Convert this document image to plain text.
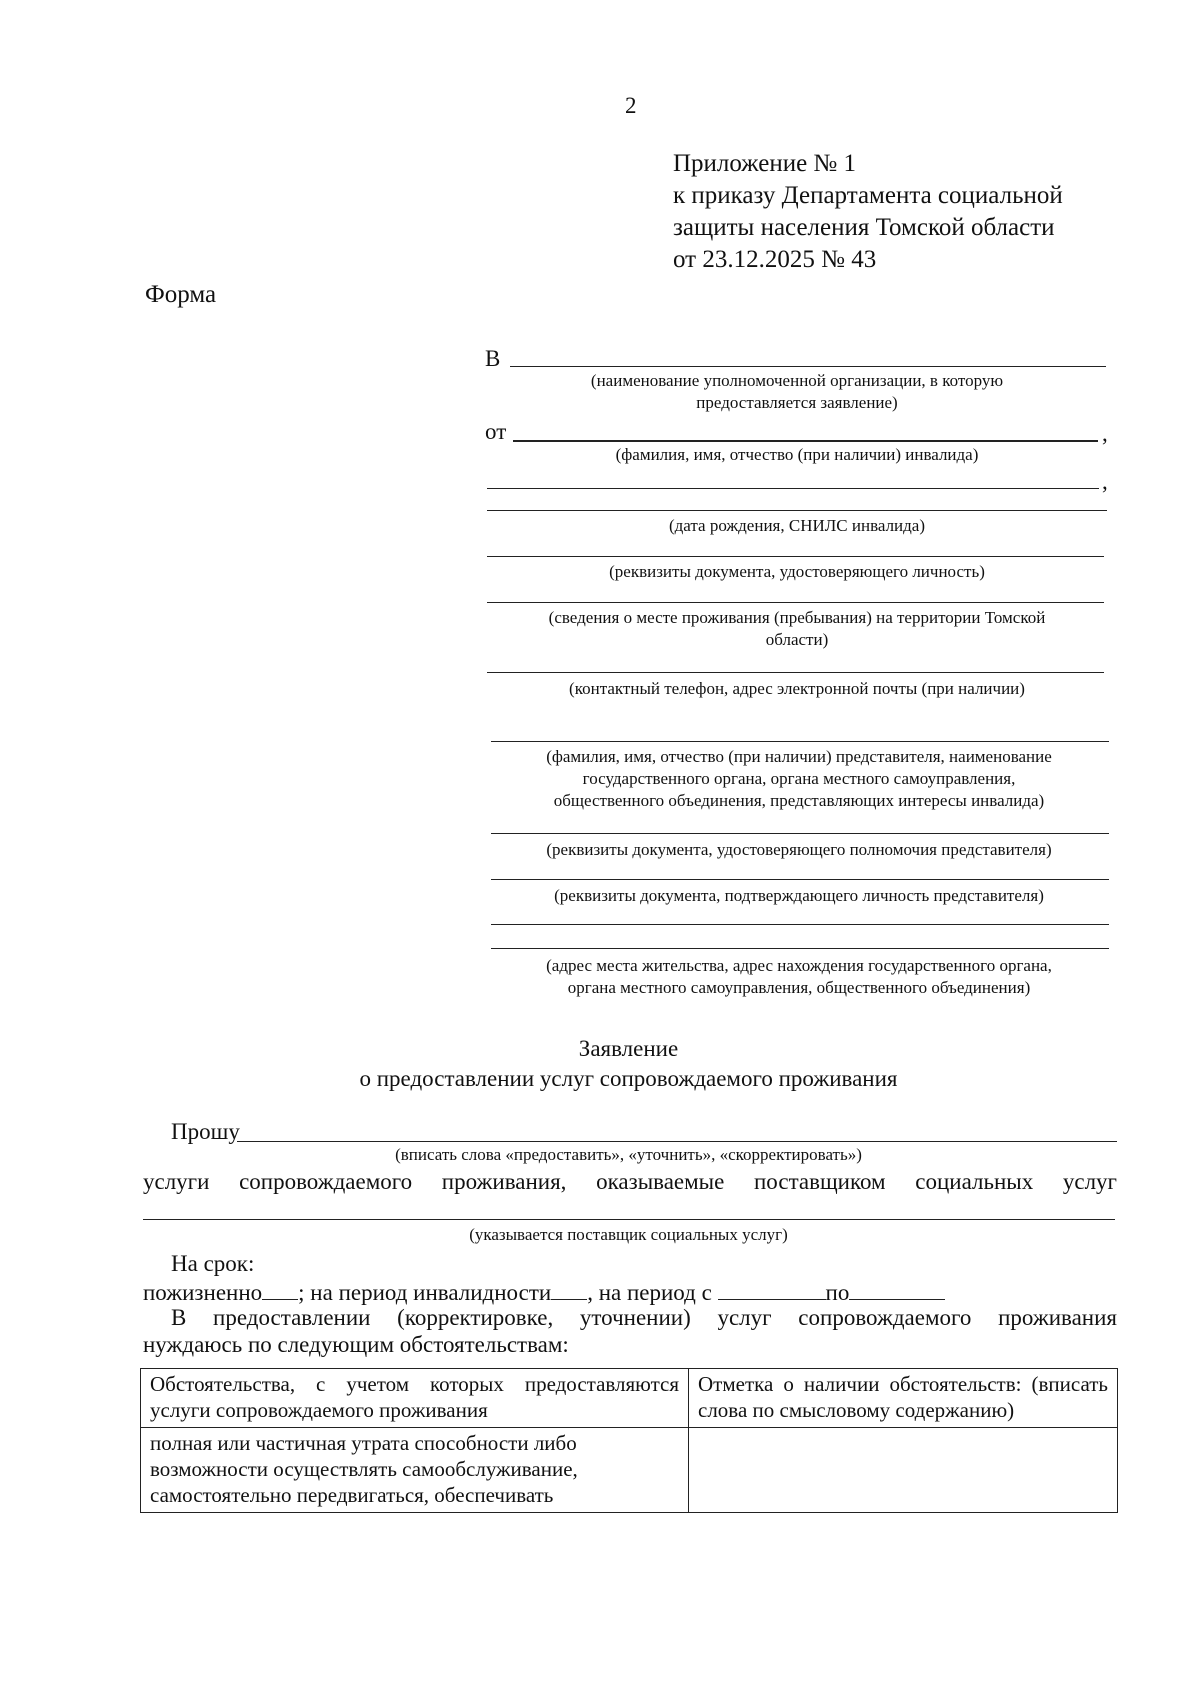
2
Приложение № 1
к приказу Департамента социальной
защиты населения Томской области
от 23.12.2025 № 43
Форма
В
(наименование уполномоченной организации, в которую
предоставляется заявление)
от	,
(фамилия, имя, отчество (при наличии) инвалида)
,
(дата рождения, СНИЛС инвалида)
(реквизиты документа, удостоверяющего личность)
(сведения о месте проживания (пребывания) на территории Томской
области)
(контактный телефон, адрес электронной почты (при наличии)
(фамилия, имя, отчество (при наличии) представителя, наименование
государственного органа, органа местного самоуправления,
общественного объединения, представляющих интересы инвалида)
(реквизиты документа, удостоверяющего полномочия представителя)
(реквизиты документа, подтверждающего личность представителя)
(адрес места жительства, адрес нахождения государственного органа,
органа местного самоуправления, общественного объединения)
Заявление
о предоставлении услуг сопровождаемого проживания
Прошу
(вписать слова «предоставить», «уточнить», «скорректировать»)
услуги сопровождаемого проживания, оказываемые поставщиком социальных услуг
(указывается поставщик социальных услуг)
На срок:
пожизненно ; на период инвалидности , на период с	по
В предоставлении (корректировке, уточнении) услуг сопровождаемого проживания
нуждаюсь по следующим обстоятельствам:
Обстоятельства, с учетом которых предоставляются услуги сопровождаемого проживания	Отметка о наличии обстоятельств: (вписать слова по смысловому содержанию)
полная или частичная утрата способности либо возможности осуществлять самообслуживание, самостоятельно передвигаться, обеспечивать	
